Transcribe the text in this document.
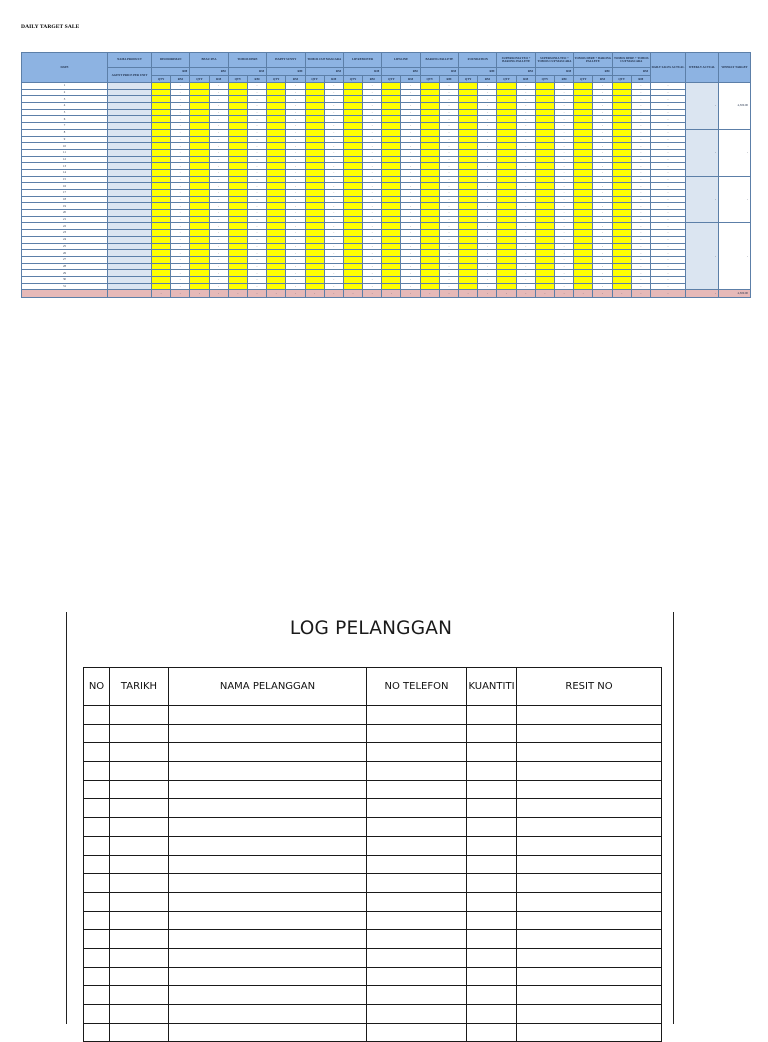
DAILY TARGET SALE
DATE	NAMA PRODUCT	DEODORIMAN		BEAU FEA		TOMOS DERE		HAPPY SUNNY		TOMOS CUP MASCARA		LIP REMOVER		LIPSLINE		BARONG PALLETE		FOUNDATION		SUPERSONIA TEO + BARONG PALLETE		SUPERSONIA TEO + TOMOS CUP MASCARA		TOMOS DERE + BARONG PALLETE		TOMOS DERE + TOMOS CUP MASCARA		DAILY SALES ACTUAL	WEEKLY ACTUAL	WEEKLY TARGET
	AGENT PRICE PER UNIT	RM		RM		RM		RM		RM		RM		RM		RM		RM		RM		RM		RM		RM				
		QTY	RM	QTY	RM	QTY	RM	QTY	RM	QTY	RM	QTY	RM	QTY	RM	QTY	RM	QTY	RM	QTY	RM	QTY	RM	QTY	RM	QTY	RM			
1			-		-		-		-		-		-		-		-		-		-		-		-		-	-	-	4,500.00
2			-		-		-		-		-		-		-		-		-		-		-		-		-	-		
3			-		-		-		-		-		-		-		-		-		-		-		-		-	-		
4			-		-		-		-		-		-		-		-		-		-		-		-		-	-		
5			-		-		-		-		-		-		-		-		-		-		-		-		-	-		
6			-		-		-		-		-		-		-		-		-		-		-		-		-	-		
7			-		-		-		-		-		-		-		-		-		-		-		-		-	-		
8			-		-		-		-		-		-		-		-		-		-		-		-		-	-	-	-
9			-		-		-		-		-		-		-		-		-		-		-		-		-	-		
10			-		-		-		-		-		-		-		-		-		-		-		-		-	-		
11			-		-		-		-		-		-		-		-		-		-		-		-		-	-		
12			-		-		-		-		-		-		-		-		-		-		-		-		-	-		
13			-		-		-		-		-		-		-		-		-		-		-		-		-	-		
14			-		-		-		-		-		-		-		-		-		-		-		-		-	-		
15			-		-		-		-		-		-		-		-		-		-		-		-		-	-	-	-
16			-		-		-		-		-		-		-		-		-		-		-		-		-	-		
17			-		-		-		-		-		-		-		-		-		-		-		-		-	-		
18			-		-		-		-		-		-		-		-		-		-		-		-		-	-		
19			-		-		-		-		-		-		-		-		-		-		-		-		-	-		
20			-		-		-		-		-		-		-		-		-		-		-		-		-	-		
21			-		-		-		-		-		-		-		-		-		-		-		-		-	-		
22			-		-		-		-		-		-		-		-		-		-		-		-		-	-	-	-
23			-		-		-		-		-		-		-		-		-		-		-		-		-	-		
24			-		-		-		-		-		-		-		-		-		-		-		-		-	-		
25			-		-		-		-		-		-		-		-		-		-		-		-		-	-		
26			-		-		-		-		-		-		-		-		-		-		-		-		-	-		
27			-		-		-		-		-		-		-		-		-		-		-		-		-	-		
28			-		-		-		-		-		-		-		-		-		-		-		-		-	-		
29			-		-		-		-		-		-		-		-		-		-		-		-		-	-		
30			-		-		-		-		-		-		-		-		-		-		-		-		-	-		
31			-		-		-		-		-		-		-		-		-		-		-		-		-	-		
		-	-	-	-	-	-	-	-	-	-	-	-	-	-	-	-	-	-	-	-	-	-	-	-	-	-	-	-	4,500.00
LOG PELANGGAN
NO	TARIKH	NAMA PELANGGAN	NO TELEFON	KUANTITI	RESIT NO
